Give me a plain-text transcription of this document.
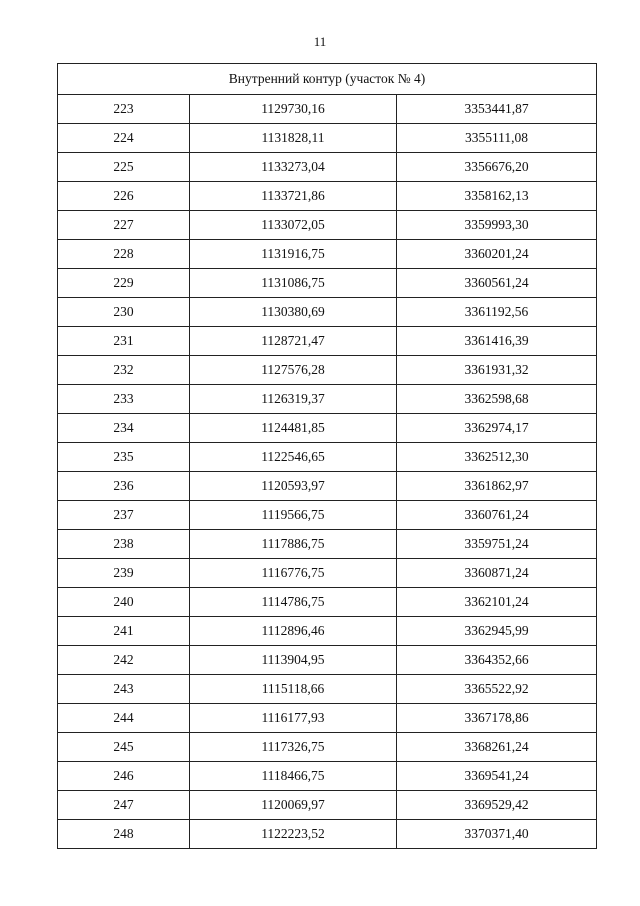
11
Внутренний контур (участок № 4)		
223	1129730,16	3353441,87
224	1131828,11	3355111,08
225	1133273,04	3356676,20
226	1133721,86	3358162,13
227	1133072,05	3359993,30
228	1131916,75	3360201,24
229	1131086,75	3360561,24
230	1130380,69	3361192,56
231	1128721,47	3361416,39
232	1127576,28	3361931,32
233	1126319,37	3362598,68
234	1124481,85	3362974,17
235	1122546,65	3362512,30
236	1120593,97	3361862,97
237	1119566,75	3360761,24
238	1117886,75	3359751,24
239	1116776,75	3360871,24
240	1114786,75	3362101,24
241	1112896,46	3362945,99
242	1113904,95	3364352,66
243	1115118,66	3365522,92
244	1116177,93	3367178,86
245	1117326,75	3368261,24
246	1118466,75	3369541,24
247	1120069,97	3369529,42
248	1122223,52	3370371,40
